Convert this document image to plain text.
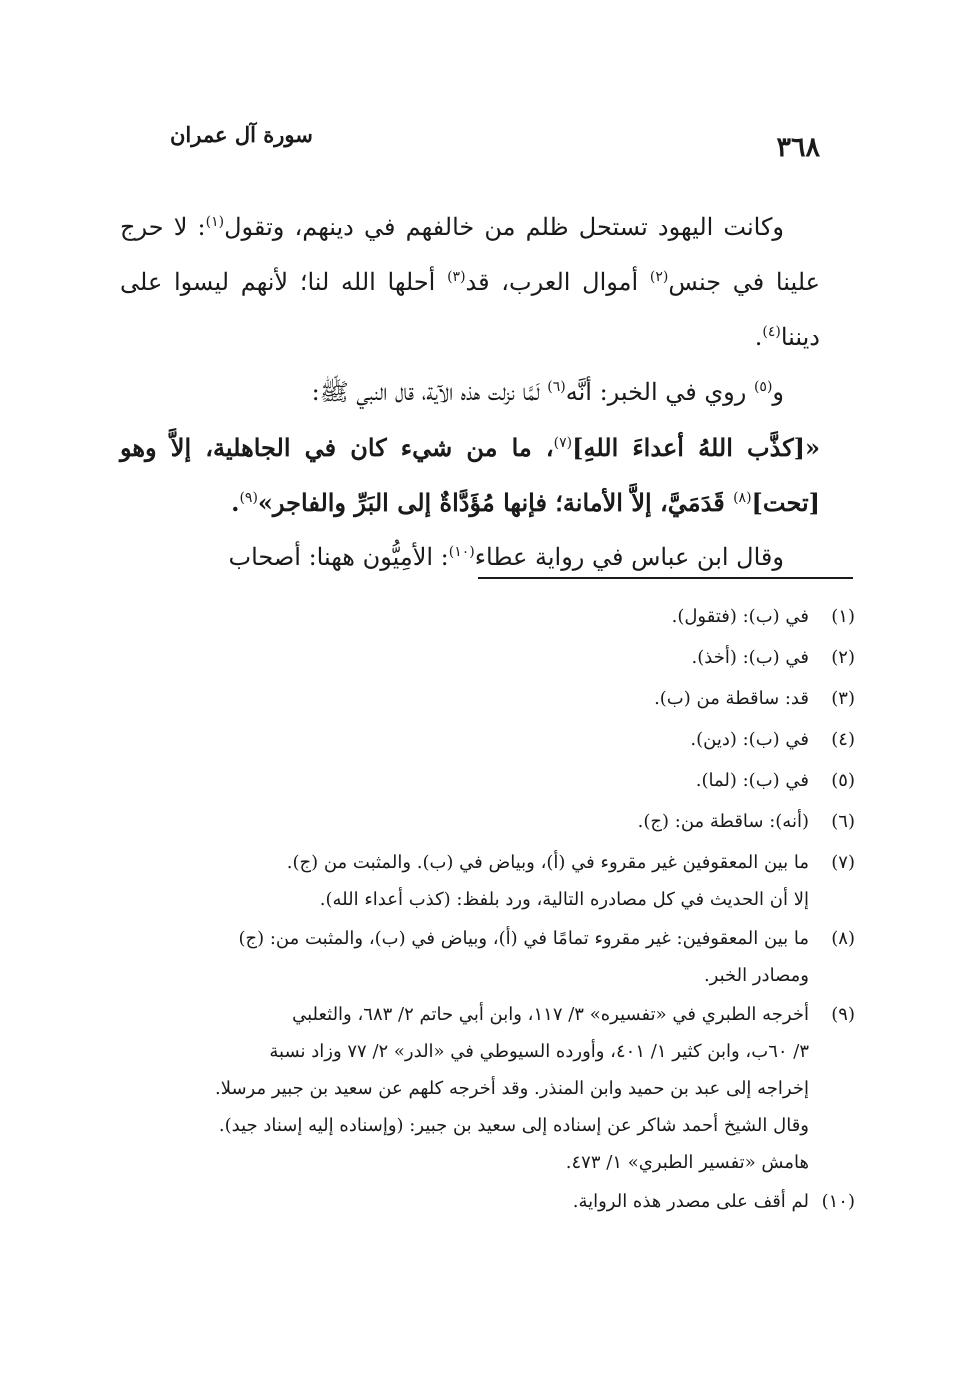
٣٦٨
سورة آل عمران

وكانت اليهود تستحل ظلم من خالفهم في دينهم، وتقول$^{(١)}$: لا حرج علينا في جنس$^{(٢)}$ أموال العرب، قد$^{(٣)}$ أحلها الله لنا؛ لأنهم ليسوا على ديننا$^{(٤)}$.

و$^{(٥)}$ روي في الخبر: أنَّه$^{(٦)}$ لَمَّا نزلت هذه الآية، قال النبي ﷺ:

«[كذَّب اللهُ أعداءَ اللهِ]$^{(٧)}$، ما من شيء كان في الجاهلية، إلاَّ وهو [تحت]$^{(٨)}$ قَدَمَيَّ، إلاَّ الأمانة؛ فإنها مُؤَدَّاةٌ إلى البَرِّ والفاجر»$^{(٩)}$.

وقال ابن عباس في رواية عطاء$^{(١٠)}$: الأمِيُّون ههنا: أصحاب

(١)
في (ب): (فتقول).
(٢)
في (ب): (أخذ).
(٣)
قد: ساقطة من (ب).
(٤)
في (ب): (دين).
(٥)
في (ب): (لما).
(٦)
(أنه): ساقطة من: (ج).
(٧)
ما بين المعقوفين غير مقروء في (أ)، وبياض في (ب). والمثبت من (ج).
إلا أن الحديث في كل مصادره التالية، ورد بلفظ: (كذب أعداء الله).
(٨)
ما بين المعقوفين: غير مقروء تمامًا في (أ)، وبياض في (ب)، والمثبت من: (ج)
ومصادر الخبر.
(٩)
أخرجه الطبري في «تفسيره» ٣/ ١١٧، وابن أبي حاتم ٢/ ٦٨٣، والثعلبي
٣/ ٦٠ب، وابن كثير ١/ ٤٠١، وأورده السيوطي في «الدر» ٢/ ٧٧ وزاد نسبة
إخراجه إلى عبد بن حميد وابن المنذر. وقد أخرجه كلهم عن سعيد بن جبير مرسلا.
وقال الشيخ أحمد شاكر عن إسناده إلى سعيد بن جبير: (وإسناده إليه إسناد جيد).
هامش «تفسير الطبري» ١/ ٤٧٣.
(١٠)
لم أقف على مصدر هذه الرواية.
